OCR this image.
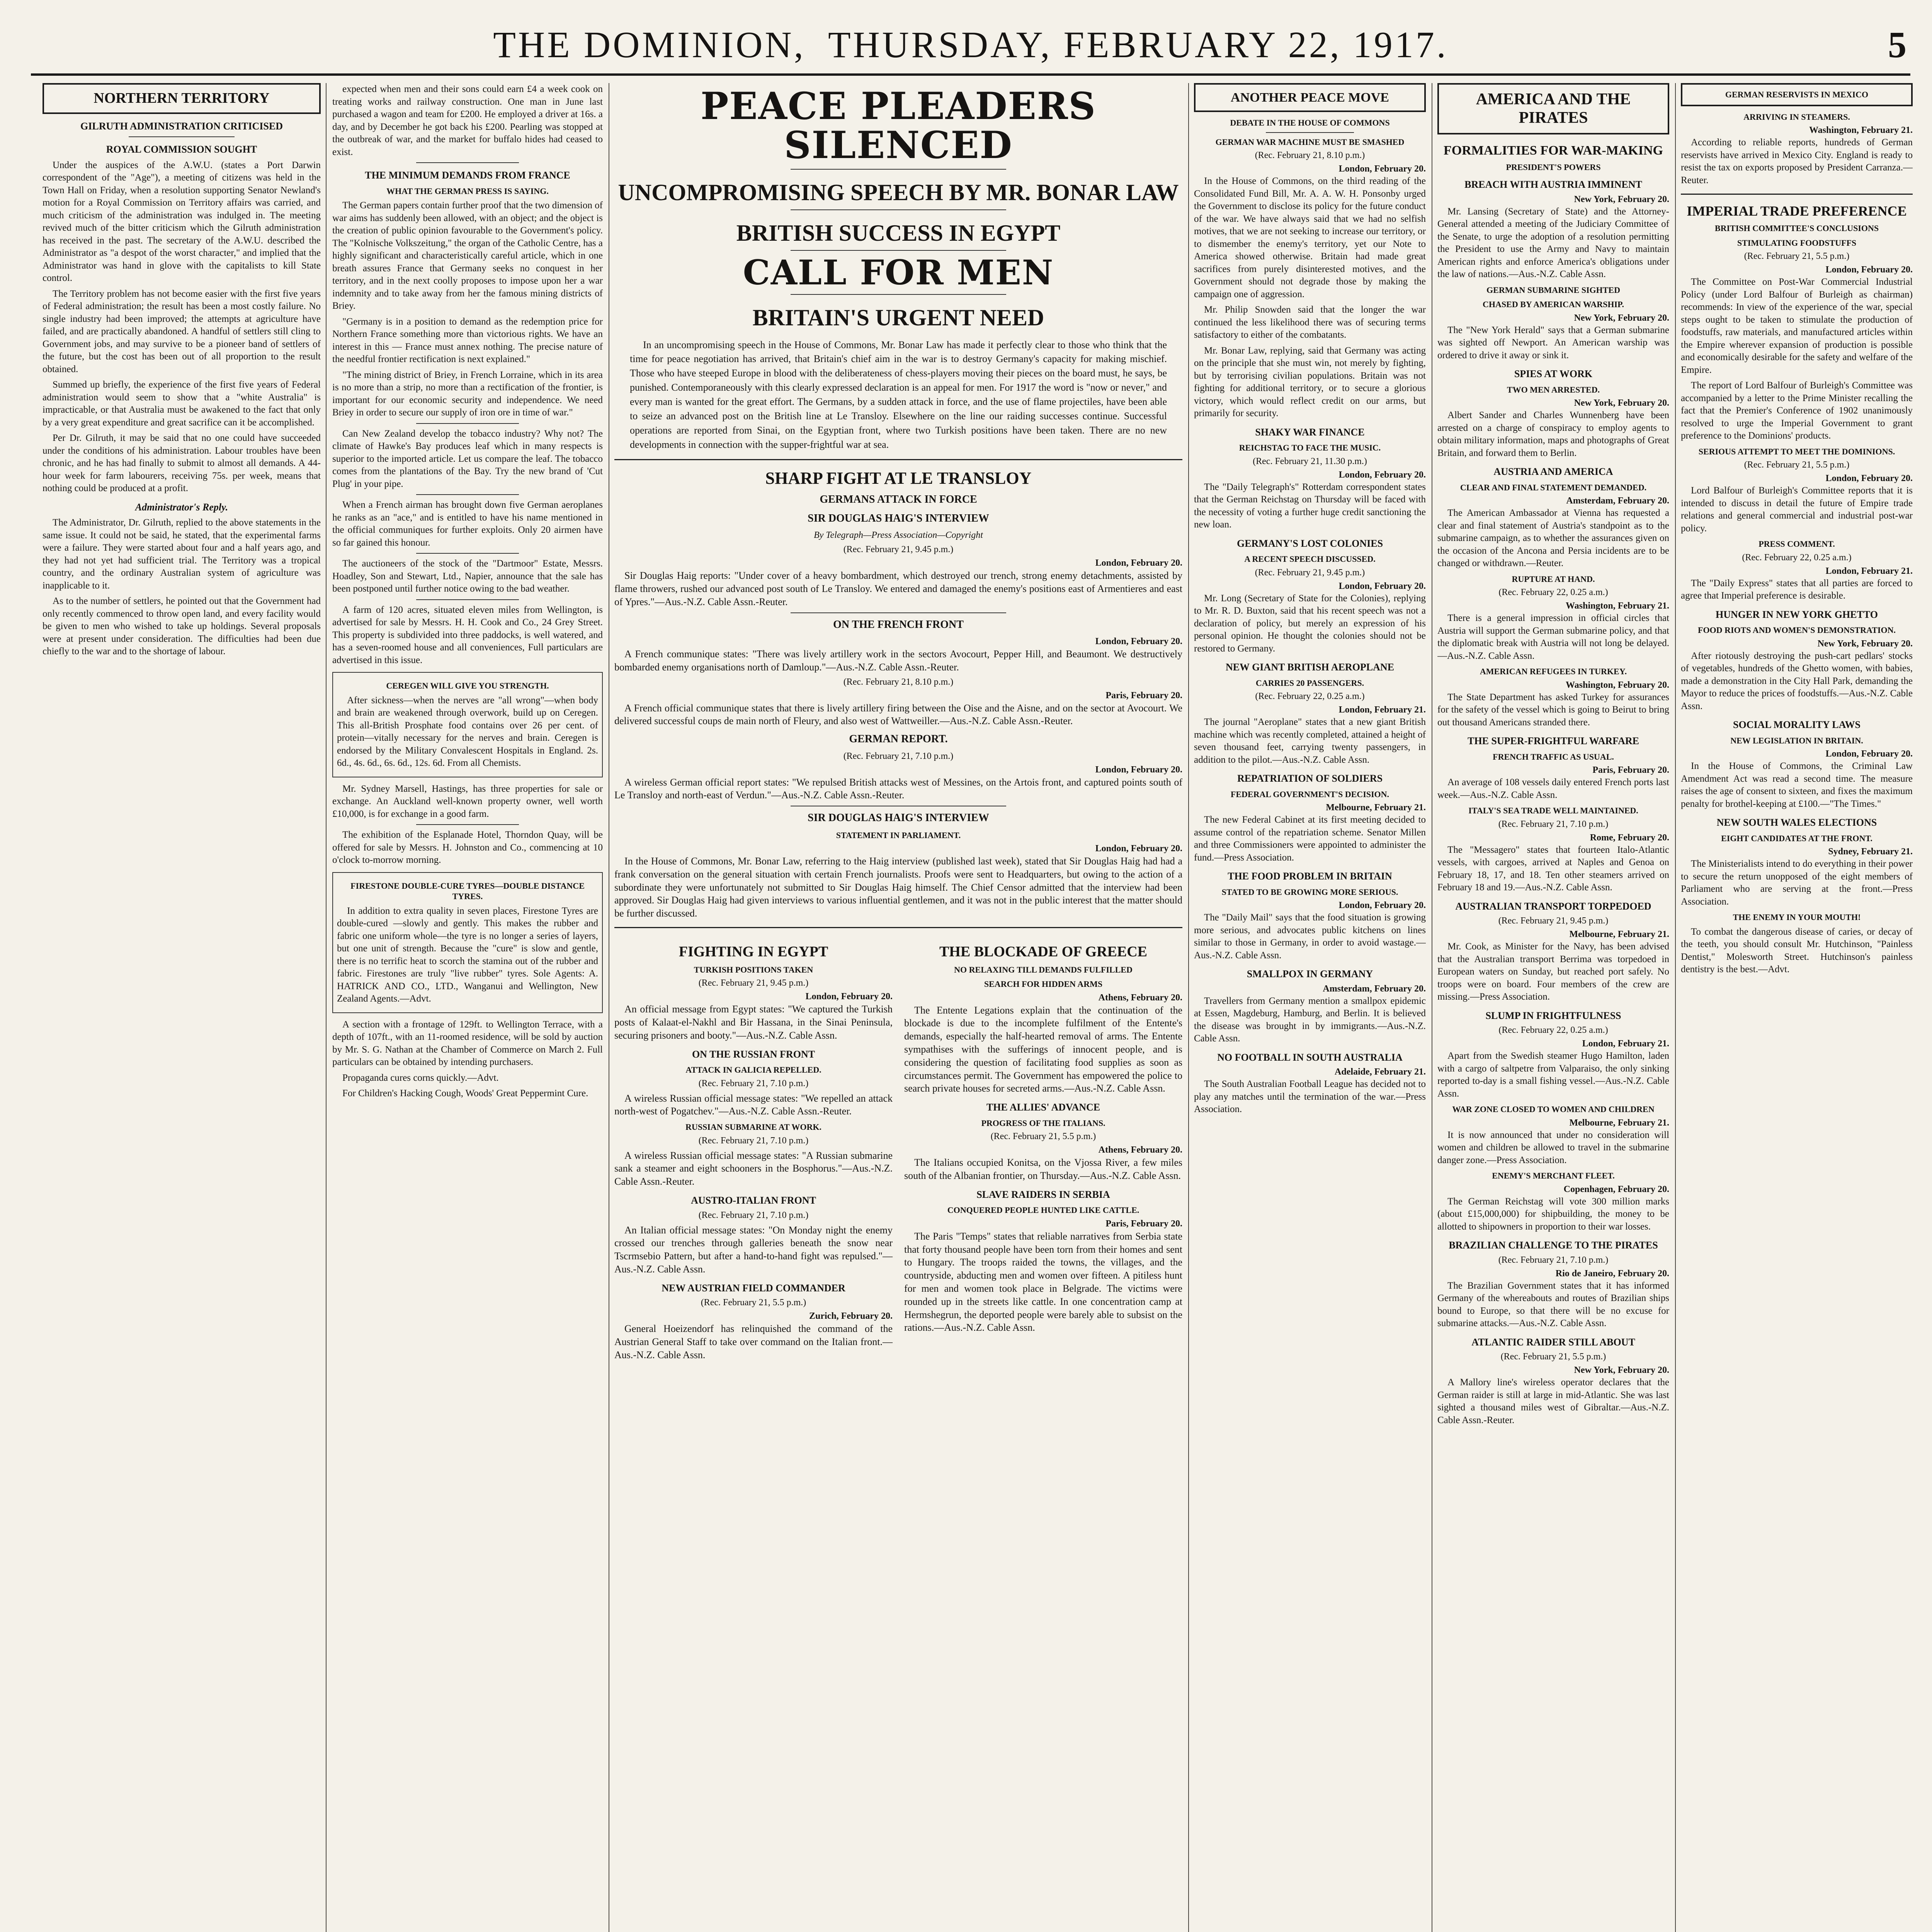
THE DOMINION,  THURSDAY, FEBRUARY 22, 1917.	5
NORTHERN TERRITORY
GILRUTH ADMINISTRATION CRITICISED
ROYAL COMMISSION SOUGHT

Under the auspices of the A.W.U. (states a Port Darwin correspondent of the "Age"), a meeting of citizens was held in the Town Hall on Friday, when a resolution supporting Senator Newland's motion for a Royal Commission on Territory affairs was carried, and much criticism of the administration was indulged in. The meeting revived much of the bitter criticism which the Gilruth administration has received in the past. The secretary of the A.W.U. described the Administrator as "a despot of the worst character," and implied that the Administrator was hand in glove with the capitalists to kill State control.

The Territory problem has not become easier with the first five years of Federal administration; the result has been a most costly failure. No single industry had been improved; the attempts at agriculture have failed, and are practically abandoned. A handful of settlers still cling to Government jobs, and may survive to be a pioneer band of settlers of the future, but the cost has been out of all proportion to the result obtained.

Summed up briefly, the experience of the first five years of Federal administration would seem to show that a "white Australia" is impracticable, or that Australia must be awakened to the fact that only by a very great expenditure and great sacrifice can it be accomplished.

Per Dr. Gilruth, it may be said that no one could have succeeded under the conditions of his administration. Labour troubles have been chronic, and he has had finally to submit to almost all demands. A 44-hour week for farm labourers, receiving 75s. per week, means that nothing could be produced at a profit.

Administrator's Reply.

The Administrator, Dr. Gilruth, replied to the above statements in the same issue. It could not be said, he stated, that the experimental farms were a failure. They were started about four and a half years ago, and they had not yet had sufficient trial. The Territory was a tropical country, and the ordinary Australian system of agriculture was inapplicable to it.

As to the number of settlers, he pointed out that the Government had only recently commenced to throw open land, and every facility would be given to men who wished to take up holdings. Several proposals were at present under consideration. The difficulties had been due chiefly to the war and to the shortage of labour.

expected when men and their sons could earn £4 a week cook on treating works and railway construction. One man in June last purchased a wagon and team for £200. He employed a driver at 16s. a day, and by December he got back his £200. Pearling was stopped at the outbreak of war, and the market for buffalo hides had ceased to exist.

THE MINIMUM DEMANDS FROM FRANCE
WHAT THE GERMAN PRESS IS SAYING.

The German papers contain further proof that the two dimension of war aims has suddenly been allowed, with an object; and the object is the creation of public opinion favourable to the Government's policy. The "Kolnische Volkszeitung," the organ of the Catholic Centre, has a highly significant and characteristically careful article, which in one breath assures France that Germany seeks no conquest in her territory, and in the next coolly proposes to impose upon her a war indemnity and to take away from her the famous mining districts of Briey.

"Germany is in a position to demand as the redemption price for Northern France something more than victorious rights. We have an interest in this — France must annex nothing. The precise nature of the needful frontier rectification is next explained."

"The mining district of Briey, in French Lorraine, which in its area is no more than a strip, no more than a rectification of the frontier, is important for our economic security and independence. We need Briey in order to secure our supply of iron ore in time of war."

Can New Zealand develop the tobacco industry? Why not? The climate of Hawke's Bay produces leaf which in many respects is superior to the imported article. Let us compare the leaf. The tobacco comes from the plantations of the Bay. Try the new brand of 'Cut Plug' in your pipe.

When a French airman has brought down five German aeroplanes he ranks as an "ace," and is entitled to have his name mentioned in the official communiques for further exploits. Only 20 airmen have so far gained this honour.

The auctioneers of the stock of the "Dartmoor" Estate, Messrs. Hoadley, Son and Stewart, Ltd., Napier, announce that the sale has been postponed until further notice owing to the bad weather.

A farm of 120 acres, situated eleven miles from Wellington, is advertised for sale by Messrs. H. H. Cook and Co., 24 Grey Street. This property is subdivided into three paddocks, is well watered, and has a seven-roomed house and all conveniences, Full particulars are advertised in this issue.

CEREGEN WILL GIVE YOU STRENGTH.

After sickness—when the nerves are "all wrong"—when body and brain are weakened through overwork, build up on Ceregen. This all-British Prosphate food contains over 26 per cent. of protein—vitally necessary for the nerves and brain. Ceregen is endorsed by the Military Convalescent Hospitals in England. 2s. 6d., 4s. 6d., 6s. 6d., 12s. 6d. From all Chemists.

Mr. Sydney Marsell, Hastings, has three properties for sale or exchange. An Auckland well-known property owner, well worth £10,000, is for exchange in a good farm.

The exhibition of the Esplanade Hotel, Thorndon Quay, will be offered for sale by Messrs. H. Johnston and Co., commencing at 10 o'clock to-morrow morning.

FIRESTONE DOUBLE-CURE TYRES—DOUBLE DISTANCE TYRES.

In addition to extra quality in seven places, Firestone Tyres are double-cured —slowly and gently. This makes the rubber and fabric one uniform whole—the tyre is no longer a series of layers, but one unit of strength. Because the "cure" is slow and gentle, there is no terrific heat to scorch the stamina out of the rubber and fabric. Firestones are truly "live rubber" tyres. Sole Agents: A. HATRICK AND CO., LTD., Wanganui and Wellington, New Zealand Agents.—Advt.

A section with a frontage of 129ft. to Wellington Terrace, with a depth of 107ft., with an 11-roomed residence, will be sold by auction by Mr. S. G. Nathan at the Chamber of Commerce on March 2. Full particulars can be obtained by intending purchasers.

Propaganda cures corns quickly.—Advt.

For Children's Hacking Cough, Woods' Great Peppermint Cure.

PEACE PLEADERS SILENCED
UNCOMPROMISING SPEECH BY MR. BONAR LAW
BRITISH SUCCESS IN EGYPT
CALL FOR MEN
BRITAIN'S URGENT NEED

In an uncompromising speech in the House of Commons, Mr. Bonar Law has made it perfectly clear to those who think that the time for peace negotiation has arrived, that Britain's chief aim in the war is to destroy Germany's capacity for making mischief. Those who have steeped Europe in blood with the deliberateness of chess-players moving their pieces on the board must, he says, be punished. Contemporaneously with this clearly expressed declaration is an appeal for men. For 1917 the word is "now or never," and every man is wanted for the great effort. The Germans, by a sudden attack in force, and the use of flame projectiles, have been able to seize an advanced post on the British line at Le Transloy. Elsewhere on the line our raiding successes continue. Successful operations are reported from Sinai, on the Egyptian front, where two Turkish positions have been taken. There are no new developments in connection with the supper-frightful war at sea.

SHARP FIGHT AT LE TRANSLOY
GERMANS ATTACK IN FORCE
SIR DOUGLAS HAIG'S INTERVIEW
By Telegraph—Press Association—Copyright
(Rec. February 21, 9.45 p.m.)
London, February 20.

Sir Douglas Haig reports: "Under cover of a heavy bombardment, which destroyed our trench, strong enemy detachments, assisted by flame throwers, rushed our advanced post south of Le Transloy. We entered and damaged the enemy's positions east of Armentieres and east of Ypres."—Aus.-N.Z. Cable Assn.-Reuter.

ON THE FRENCH FRONT
London, February 20.

A French communique states: "There was lively artillery work in the sectors Avocourt, Pepper Hill, and Beaumont. We destructively bombarded enemy organisations north of Damloup."—Aus.-N.Z. Cable Assn.-Reuter.

(Rec. February 21, 8.10 p.m.)
Paris, February 20.

A French official communique states that there is lively artillery firing between the Oise and the Aisne, and on the sector at Avocourt. We delivered successful coups de main north of Fleury, and also west of Wattweiller.—Aus.-N.Z. Cable Assn.-Reuter.

GERMAN REPORT.
(Rec. February 21, 7.10 p.m.)
London, February 20.

A wireless German official report states: "We repulsed British attacks west of Messines, on the Artois front, and captured points south of Le Transloy and north-east of Verdun."—Aus.-N.Z. Cable Assn.-Reuter.

SIR DOUGLAS HAIG'S INTERVIEW
STATEMENT IN PARLIAMENT.
London, February 20.

In the House of Commons, Mr. Bonar Law, referring to the Haig interview (published last week), stated that Sir Douglas Haig had had a frank conversation on the general situation with certain French journalists. Proofs were sent to Headquarters, but owing to the action of a subordinate they were unfortunately not submitted to Sir Douglas Haig himself. The Chief Censor admitted that the interview had been approved. Sir Douglas Haig had given interviews to various influential gentlemen, and it was not in the public interest that the matter should be further discussed.

FIGHTING IN EGYPT
TURKISH POSITIONS TAKEN
(Rec. February 21, 9.45 p.m.)
London, February 20.

An official message from Egypt states: "We captured the Turkish posts of Kalaat-el-Nakhl and Bir Hassana, in the Sinai Peninsula, securing prisoners and booty."—Aus.-N.Z. Cable Assn.

ON THE RUSSIAN FRONT
ATTACK IN GALICIA REPELLED.
(Rec. February 21, 7.10 p.m.)

A wireless Russian official message states: "We repelled an attack north-west of Pogatchev."—Aus.-N.Z. Cable Assn.-Reuter.

RUSSIAN SUBMARINE AT WORK.
(Rec. February 21, 7.10 p.m.)

A wireless Russian official message states: "A Russian submarine sank a steamer and eight schooners in the Bosphorus."—Aus.-N.Z. Cable Assn.-Reuter.

AUSTRO-ITALIAN FRONT
(Rec. February 21, 7.10 p.m.)

An Italian official message states: "On Monday night the enemy crossed our trenches through galleries beneath the snow near Tscrmsebio Pattern, but after a hand-to-hand fight was repulsed."—Aus.-N.Z. Cable Assn.

NEW AUSTRIAN FIELD COMMANDER
(Rec. February 21, 5.5 p.m.)
Zurich, February 20.

General Hoeizendorf has relinquished the command of the Austrian General Staff to take over command on the Italian front.—Aus.-N.Z. Cable Assn.

THE BLOCKADE OF GREECE
NO RELAXING TILL DEMANDS FULFILLED
SEARCH FOR HIDDEN ARMS
Athens, February 20.

The Entente Legations explain that the continuation of the blockade is due to the incomplete fulfilment of the Entente's demands, especially the half-hearted removal of arms. The Entente sympathises with the sufferings of innocent people, and is considering the question of facilitating food supplies as soon as circumstances permit. The Government has empowered the police to search private houses for secreted arms.—Aus.-N.Z. Cable Assn.

THE ALLIES' ADVANCE
PROGRESS OF THE ITALIANS.
(Rec. February 21, 5.5 p.m.)
Athens, February 20.

The Italians occupied Konitsa, on the Vjossa River, a few miles south of the Albanian frontier, on Thursday.—Aus.-N.Z. Cable Assn.

SLAVE RAIDERS IN SERBIA
CONQUERED PEOPLE HUNTED LIKE CATTLE.
Paris, February 20.

The Paris "Temps" states that reliable narratives from Serbia state that forty thousand people have been torn from their homes and sent to Hungary. The troops raided the towns, the villages, and the countryside, abducting men and women over fifteen. A pitiless hunt for men and women took place in Belgrade. The victims were rounded up in the streets like cattle. In one concentration camp at Hermshegrun, the deported people were barely able to subsist on the rations.—Aus.-N.Z. Cable Assn.

ANOTHER PEACE MOVE
DEBATE IN THE HOUSE OF COMMONS
GERMAN WAR MACHINE MUST BE SMASHED
(Rec. February 21, 8.10 p.m.)
London, February 20.

In the House of Commons, on the third reading of the Consolidated Fund Bill, Mr. A. A. W. H. Ponsonby urged the Government to disclose its policy for the future conduct of the war. We have always said that we had no selfish motives, that we are not seeking to increase our territory, or to dismember the enemy's territory, yet our Note to America showed otherwise. Britain had made great sacrifices from purely disinterested motives, and the Government should not degrade those by making the campaign one of aggression.

Mr. Philip Snowden said that the longer the war continued the less likelihood there was of securing terms satisfactory to either of the combatants.

Mr. Bonar Law, replying, said that Germany was acting on the principle that she must win, not merely by fighting, but by terrorising civilian populations. Britain was not fighting for additional territory, or to secure a glorious victory, which would reflect credit on our arms, but primarily for security.

SHAKY WAR FINANCE
REICHSTAG TO FACE THE MUSIC.
(Rec. February 21, 11.30 p.m.)
London, February 20.

The "Daily Telegraph's" Rotterdam correspondent states that the German Reichstag on Thursday will be faced with the necessity of voting a further huge credit sanctioning the new loan.

GERMANY'S LOST COLONIES
A RECENT SPEECH DISCUSSED.
(Rec. February 21, 9.45 p.m.)
London, February 20.

Mr. Long (Secretary of State for the Colonies), replying to Mr. R. D. Buxton, said that his recent speech was not a declaration of policy, but merely an expression of his personal opinion. He thought the colonies should not be restored to Germany.

NEW GIANT BRITISH AEROPLANE
CARRIES 20 PASSENGERS.
(Rec. February 22, 0.25 a.m.)
London, February 21.

The journal "Aeroplane" states that a new giant British machine which was recently completed, attained a height of seven thousand feet, carrying twenty passengers, in addition to the pilot.—Aus.-N.Z. Cable Assn.

REPATRIATION OF SOLDIERS
FEDERAL GOVERNMENT'S DECISION.
Melbourne, February 21.

The new Federal Cabinet at its first meeting decided to assume control of the repatriation scheme. Senator Millen and three Commissioners were appointed to administer the fund.—Press Association.

THE FOOD PROBLEM IN BRITAIN
STATED TO BE GROWING MORE SERIOUS.
London, February 20.

The "Daily Mail" says that the food situation is growing more serious, and advocates public kitchens on lines similar to those in Germany, in order to avoid wastage.—Aus.-N.Z. Cable Assn.

SMALLPOX IN GERMANY
Amsterdam, February 20.

Travellers from Germany mention a smallpox epidemic at Essen, Magdeburg, Hamburg, and Berlin. It is believed the disease was brought in by immigrants.—Aus.-N.Z. Cable Assn.

NO FOOTBALL IN SOUTH AUSTRALIA
Adelaide, February 21.

The South Australian Football League has decided not to play any matches until the termination of the war.—Press Association.

AMERICA AND THE PIRATES
FORMALITIES FOR WAR-MAKING
PRESIDENT'S POWERS
BREACH WITH AUSTRIA IMMINENT
New York, February 20.

Mr. Lansing (Secretary of State) and the Attorney-General attended a meeting of the Judiciary Committee of the Senate, to urge the adoption of a resolution permitting the President to use the Army and Navy to maintain American rights and enforce America's obligations under the law of nations.—Aus.-N.Z. Cable Assn.

GERMAN SUBMARINE SIGHTED
CHASED BY AMERICAN WARSHIP.
New York, February 20.

The "New York Herald" says that a German submarine was sighted off Newport. An American warship was ordered to drive it away or sink it.

SPIES AT WORK
TWO MEN ARRESTED.
New York, February 20.

Albert Sander and Charles Wunnenberg have been arrested on a charge of conspiracy to employ agents to obtain military information, maps and photographs of Great Britain, and forward them to Berlin.

AUSTRIA AND AMERICA
CLEAR AND FINAL STATEMENT DEMANDED.
Amsterdam, February 20.

The American Ambassador at Vienna has requested a clear and final statement of Austria's standpoint as to the submarine campaign, as to whether the assurances given on the occasion of the Ancona and Persia incidents are to be changed or withdrawn.—Reuter.

RUPTURE AT HAND.
(Rec. February 22, 0.25 a.m.)
Washington, February 21.

There is a general impression in official circles that Austria will support the German submarine policy, and that the diplomatic break with Austria will not long be delayed.—Aus.-N.Z. Cable Assn.

AMERICAN REFUGEES IN TURKEY.
Washington, February 20.

The State Department has asked Turkey for assurances for the safety of the vessel which is going to Beirut to bring out thousand Americans stranded there.

THE SUPER-FRIGHTFUL WARFARE
FRENCH TRAFFIC AS USUAL.
Paris, February 20.

An average of 108 vessels daily entered French ports last week.—Aus.-N.Z. Cable Assn.

ITALY'S SEA TRADE WELL MAINTAINED.
(Rec. February 21, 7.10 p.m.)
Rome, February 20.

The "Messagero" states that fourteen Italo-Atlantic vessels, with cargoes, arrived at Naples and Genoa on February 18, 17, and 18. Ten other steamers arrived on February 18 and 19.—Aus.-N.Z. Cable Assn.

AUSTRALIAN TRANSPORT TORPEDOED
(Rec. February 21, 9.45 p.m.)
Melbourne, February 21.

Mr. Cook, as Minister for the Navy, has been advised that the Australian transport Berrima was torpedoed in European waters on Sunday, but reached port safely. No troops were on board. Four members of the crew are missing.—Press Association.

SLUMP IN FRIGHTFULNESS
(Rec. February 22, 0.25 a.m.)
London, February 21.

Apart from the Swedish steamer Hugo Hamilton, laden with a cargo of saltpetre from Valparaiso, the only sinking reported to-day is a small fishing vessel.—Aus.-N.Z. Cable Assn.

WAR ZONE CLOSED TO WOMEN AND CHILDREN
Melbourne, February 21.

It is now announced that under no consideration will women and children be allowed to travel in the submarine danger zone.—Press Association.

ENEMY'S MERCHANT FLEET.
Copenhagen, February 20.

The German Reichstag will vote 300 million marks (about £15,000,000) for shipbuilding, the money to be allotted to shipowners in proportion to their war losses.

BRAZILIAN CHALLENGE TO THE PIRATES
(Rec. February 21, 7.10 p.m.)
Rio de Janeiro, February 20.

The Brazilian Government states that it has informed Germany of the whereabouts and routes of Brazilian ships bound to Europe, so that there will be no excuse for submarine attacks.—Aus.-N.Z. Cable Assn.

ATLANTIC RAIDER STILL ABOUT
(Rec. February 21, 5.5 p.m.)
New York, February 20.

A Mallory line's wireless operator declares that the German raider is still at large in mid-Atlantic. She was last sighted a thousand miles west of Gibraltar.—Aus.-N.Z. Cable Assn.-Reuter.

GERMAN RESERVISTS IN MEXICO
ARRIVING IN STEAMERS.
Washington, February 21.

According to reliable reports, hundreds of German reservists have arrived in Mexico City. England is ready to resist the tax on exports proposed by President Carranza.—Reuter.

IMPERIAL TRADE PREFERENCE
BRITISH COMMITTEE'S CONCLUSIONS
STIMULATING FOODSTUFFS
(Rec. February 21, 5.5 p.m.)
London, February 20.

The Committee on Post-War Commercial Industrial Policy (under Lord Balfour of Burleigh as chairman) recommends: In view of the experience of the war, special steps ought to be taken to stimulate the production of foodstuffs, raw materials, and manufactured articles within the Empire wherever expansion of production is possible and economically desirable for the safety and welfare of the Empire.

The report of Lord Balfour of Burleigh's Committee was accompanied by a letter to the Prime Minister recalling the fact that the Premier's Conference of 1902 unanimously resolved to urge the Imperial Government to grant preference to the Dominions' products.

SERIOUS ATTEMPT TO MEET THE DOMINIONS.
(Rec. February 21, 5.5 p.m.)
London, February 20.

Lord Balfour of Burleigh's Committee reports that it is intended to discuss in detail the future of Empire trade relations and general commercial and industrial post-war policy.

PRESS COMMENT.
(Rec. February 22, 0.25 a.m.)
London, February 21.

The "Daily Express" states that all parties are forced to agree that Imperial preference is desirable.

HUNGER IN NEW YORK GHETTO
FOOD RIOTS AND WOMEN'S DEMONSTRATION.
New York, February 20.

After riotously destroying the push-cart pedlars' stocks of vegetables, hundreds of the Ghetto women, with babies, made a demonstration in the City Hall Park, demanding the Mayor to reduce the prices of foodstuffs.—Aus.-N.Z. Cable Assn.

SOCIAL MORALITY LAWS
NEW LEGISLATION IN BRITAIN.
London, February 20.

In the House of Commons, the Criminal Law Amendment Act was read a second time. The measure raises the age of consent to sixteen, and fixes the maximum penalty for brothel-keeping at £100.—"The Times."

NEW SOUTH WALES ELECTIONS
EIGHT CANDIDATES AT THE FRONT.
Sydney, February 21.

The Ministerialists intend to do everything in their power to secure the return unopposed of the eight members of Parliament who are serving at the front.—Press Association.

THE ENEMY IN YOUR MOUTH!

To combat the dangerous disease of caries, or decay of the teeth, you should consult Mr. Hutchinson, "Painless Dentist," Molesworth Street. Hutchinson's painless dentistry is the best.—Advt.
